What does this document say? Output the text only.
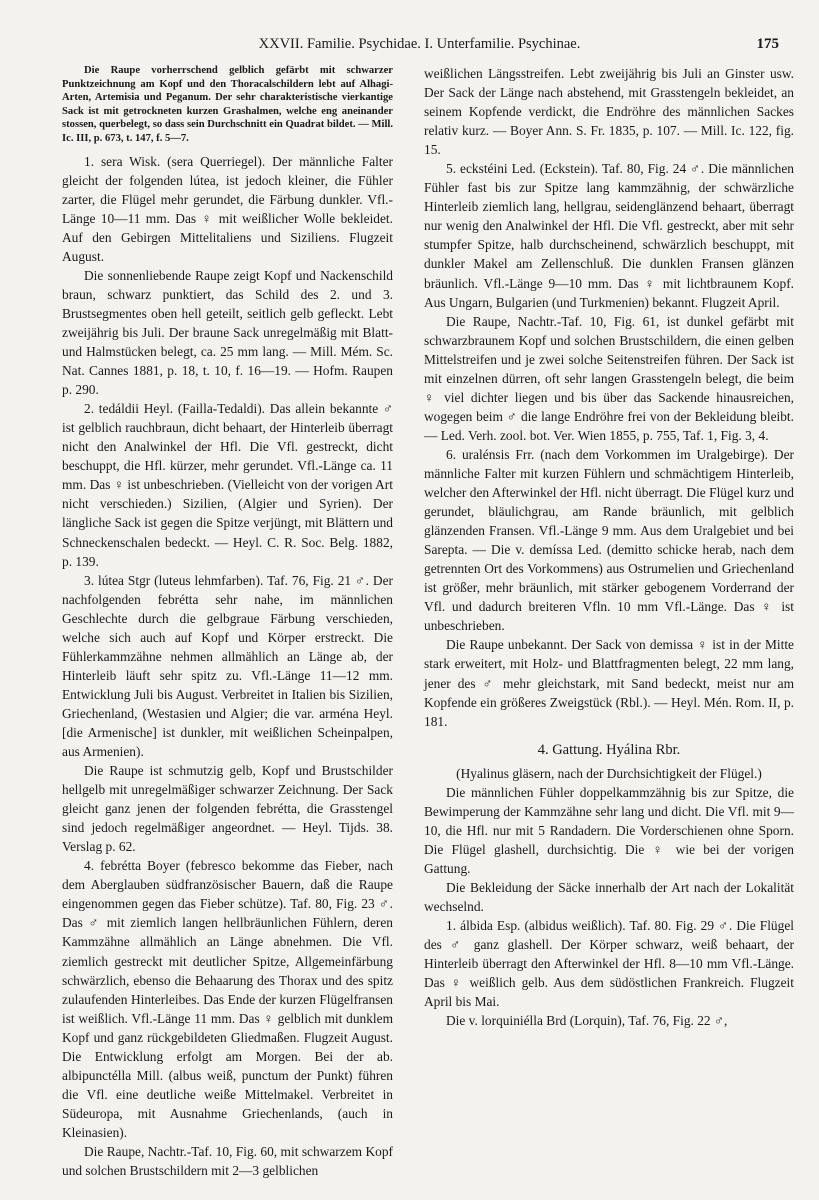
XXVII. Familie. Psychidae. I. Unterfamilie. Psychinae.	175

Die Raupe vorherrschend gelblich gefärbt mit schwarzer Punktzeichnung am Kopf und den Thoracalschildern lebt auf Alhagi-Arten, Artemisia und Peganum. Der sehr charakteristische vierkantige Sack ist mit getrockneten kurzen Grashalmen, welche eng aneinander stossen, querbelegt, so dass sein Durchschnitt ein Quadrat bildet. — Mill. Ic. III, p. 673, t. 147, f. 5—7.

1. sera Wisk. (sera Querriegel). Der männliche Falter gleicht der folgenden lútea, ist jedoch kleiner, die Fühler zarter, die Flügel mehr gerundet, die Färbung dunkler. Vfl.-Länge 10—11 mm. Das ♀ mit weißlicher Wolle bekleidet. Auf den Gebirgen Mittelitaliens und Siziliens. Flugzeit August.

Die sonnenliebende Raupe zeigt Kopf und Nackenschild braun, schwarz punktiert, das Schild des 2. und 3. Brustsegmentes oben hell geteilt, seitlich gelb gefleckt. Lebt zweijährig bis Juli. Der braune Sack unregelmäßig mit Blatt- und Halmstücken belegt, ca. 25 mm lang. — Mill. Mém. Sc. Nat. Cannes 1881, p. 18, t. 10, f. 16—19. — Hofm. Raupen p. 290.

2. tedáldii Heyl. (Failla-Tedaldi). Das allein bekannte ♂ ist gelblich rauchbraun, dicht behaart, der Hinterleib überragt nicht den Analwinkel der Hfl. Die Vfl. gestreckt, dicht beschuppt, die Hfl. kürzer, mehr gerundet. Vfl.-Länge ca. 11 mm. Das ♀ ist unbeschrieben. (Vielleicht von der vorigen Art nicht verschieden.) Sizilien, (Algier und Syrien). Der längliche Sack ist gegen die Spitze verjüngt, mit Blättern und Schneckenschalen bedeckt. — Heyl. C. R. Soc. Belg. 1882, p. 139.

3. lútea Stgr (luteus lehmfarben). Taf. 76, Fig. 21 ♂. Der nachfolgenden febrétta sehr nahe, im männlichen Geschlechte durch die gelbgraue Färbung verschieden, welche sich auch auf Kopf und Körper erstreckt. Die Fühlerkammzähne nehmen allmählich an Länge ab, der Hinterleib läuft sehr spitz zu. Vfl.-Länge 11—12 mm. Entwicklung Juli bis August. Verbreitet in Italien bis Sizilien, Griechenland, (Westasien und Algier; die var. arména Heyl. [die Armenische] ist dunkler, mit weißlichen Scheinpalpen, aus Armenien).

Die Raupe ist schmutzig gelb, Kopf und Brustschilder hellgelb mit unregelmäßiger schwarzer Zeichnung. Der Sack gleicht ganz jenen der folgenden febrétta, die Grasstengel sind jedoch regelmäßiger angeordnet. — Heyl. Tijds. 38. Verslag p. 62.

4. febrétta Boyer (febresco bekomme das Fieber, nach dem Aberglauben südfranzösischer Bauern, daß die Raupe eingenommen gegen das Fieber schütze). Taf. 80, Fig. 23 ♂. Das ♂ mit ziemlich langen hellbräunlichen Fühlern, deren Kammzähne allmählich an Länge abnehmen. Die Vfl. ziemlich gestreckt mit deutlicher Spitze, Allgemeinfärbung schwärzlich, ebenso die Behaarung des Thorax und des spitz zulaufenden Hinterleibes. Das Ende der kurzen Flügelfransen ist weißlich. Vfl.-Länge 11 mm. Das ♀ gelblich mit dunklem Kopf und ganz rückgebildeten Gliedmaßen. Flugzeit August. Die Entwicklung erfolgt am Morgen. Bei der ab. albipunctélla Mill. (albus weiß, punctum der Punkt) führen die Vfl. eine deutliche weiße Mittelmakel. Verbreitet in Südeuropa, mit Ausnahme Griechenlands, (auch in Kleinasien).

Die Raupe, Nachtr.-Taf. 10, Fig. 60, mit schwarzem Kopf und solchen Brustschildern mit 2—3 gelblichen

weißlichen Längsstreifen. Lebt zweijährig bis Juli an Ginster usw. Der Sack der Länge nach abstehend, mit Grasstengeln bekleidet, an seinem Kopfende verdickt, die Endröhre des männlichen Sackes relativ kurz. — Boyer Ann. S. Fr. 1835, p. 107. — Mill. Ic. 122, fig. 15.

5. eckstéini Led. (Eckstein). Taf. 80, Fig. 24 ♂. Die männlichen Fühler fast bis zur Spitze lang kammzähnig, der schwärzliche Hinterleib ziemlich lang, hellgrau, seidenglänzend behaart, überragt nur wenig den Analwinkel der Hfl. Die Vfl. gestreckt, aber mit sehr stumpfer Spitze, halb durchscheinend, schwärzlich beschuppt, mit dunkler Makel am Zellenschluß. Die dunklen Fransen glänzen bräunlich. Vfl.-Länge 9—10 mm. Das ♀ mit lichtbraunem Kopf. Aus Ungarn, Bulgarien (und Turkmenien) bekannt. Flugzeit April.

Die Raupe, Nachtr.-Taf. 10, Fig. 61, ist dunkel gefärbt mit schwarzbraunem Kopf und solchen Brustschildern, die einen gelben Mittelstreifen und je zwei solche Seitenstreifen führen. Der Sack ist mit einzelnen dürren, oft sehr langen Grasstengeln belegt, die beim ♀ viel dichter liegen und bis über das Sackende hinausreichen, wogegen beim ♂ die lange Endröhre frei von der Bekleidung bleibt. — Led. Verh. zool. bot. Ver. Wien 1855, p. 755, Taf. 1, Fig. 3, 4.

6. uralénsis Frr. (nach dem Vorkommen im Uralgebirge). Der männliche Falter mit kurzen Fühlern und schmächtigem Hinterleib, welcher den Afterwinkel der Hfl. nicht überragt. Die Flügel kurz und gerundet, bläulichgrau, am Rande bräunlich, mit gelblich glänzenden Fransen. Vfl.-Länge 9 mm. Aus dem Uralgebiet und bei Sarepta. — Die v. demíssa Led. (demitto schicke herab, nach dem getrennten Ort des Vorkommens) aus Ostrumelien und Griechenland ist größer, mehr bräunlich, mit stärker gebogenem Vorderrand der Vfl. und dadurch breiteren Vfln. 10 mm Vfl.-Länge. Das ♀ ist unbeschrieben.

Die Raupe unbekannt. Der Sack von demissa ♀ ist in der Mitte stark erweitert, mit Holz- und Blattfragmenten belegt, 22 mm lang, jener des ♂ mehr gleichstark, mit Sand bedeckt, meist nur am Kopfende ein größeres Zweigstück (Rbl.). — Heyl. Mén. Rom. II, p. 181.

4. Gattung. Hyálina Rbr.

(Hyalinus gläsern, nach der Durchsichtigkeit der Flügel.)

Die männlichen Fühler doppelkammzähnig bis zur Spitze, die Bewimperung der Kammzähne sehr lang und dicht. Die Vfl. mit 9—10, die Hfl. nur mit 5 Randadern. Die Vorderschienen ohne Sporn. Die Flügel glashell, durchsichtig. Die ♀ wie bei der vorigen Gattung.

Die Bekleidung der Säcke innerhalb der Art nach der Lokalität wechselnd.

1. álbida Esp. (albidus weißlich). Taf. 80. Fig. 29 ♂. Die Flügel des ♂ ganz glashell. Der Körper schwarz, weiß behaart, der Hinterleib überragt den Afterwinkel der Hfl. 8—10 mm Vfl.-Länge. Das ♀ weißlich gelb. Aus dem südöstlichen Frankreich. Flugzeit April bis Mai.

Die v. lorquiniélla Brd (Lorquin), Taf. 76, Fig. 22 ♂,
